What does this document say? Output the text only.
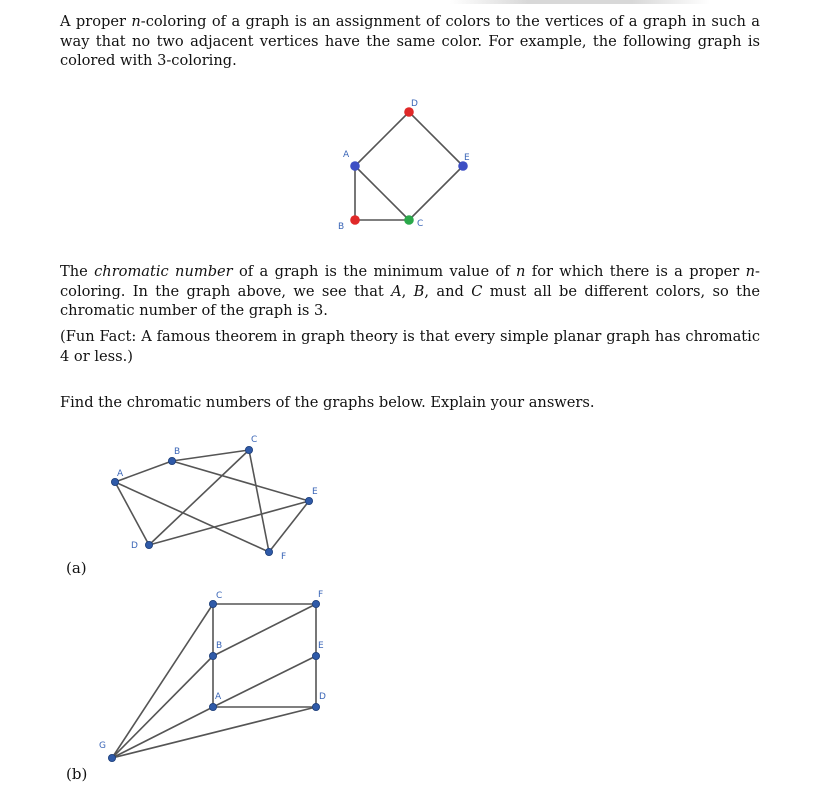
A proper n-coloring of a graph is an assignment of colors to the vertices of a graph in such a way that no two adjacent vertices have the same color. For example, the following graph is colored with 3-coloring.

A
B	C
D
E

The chromatic number of a graph is the minimum value of n for which there is a proper n-coloring. In the graph above, we see that A, B, and C must all be different colors, so the chromatic number of the graph is 3.

(Fun Fact: A famous theorem in graph theory is that every simple planar graph has chromatic 4 or less.)

Find the chromatic numbers of the graphs below. Explain your answers.

A
B
C
D
E
F
(a)
A
B
C
D
E
F
G
(b)
